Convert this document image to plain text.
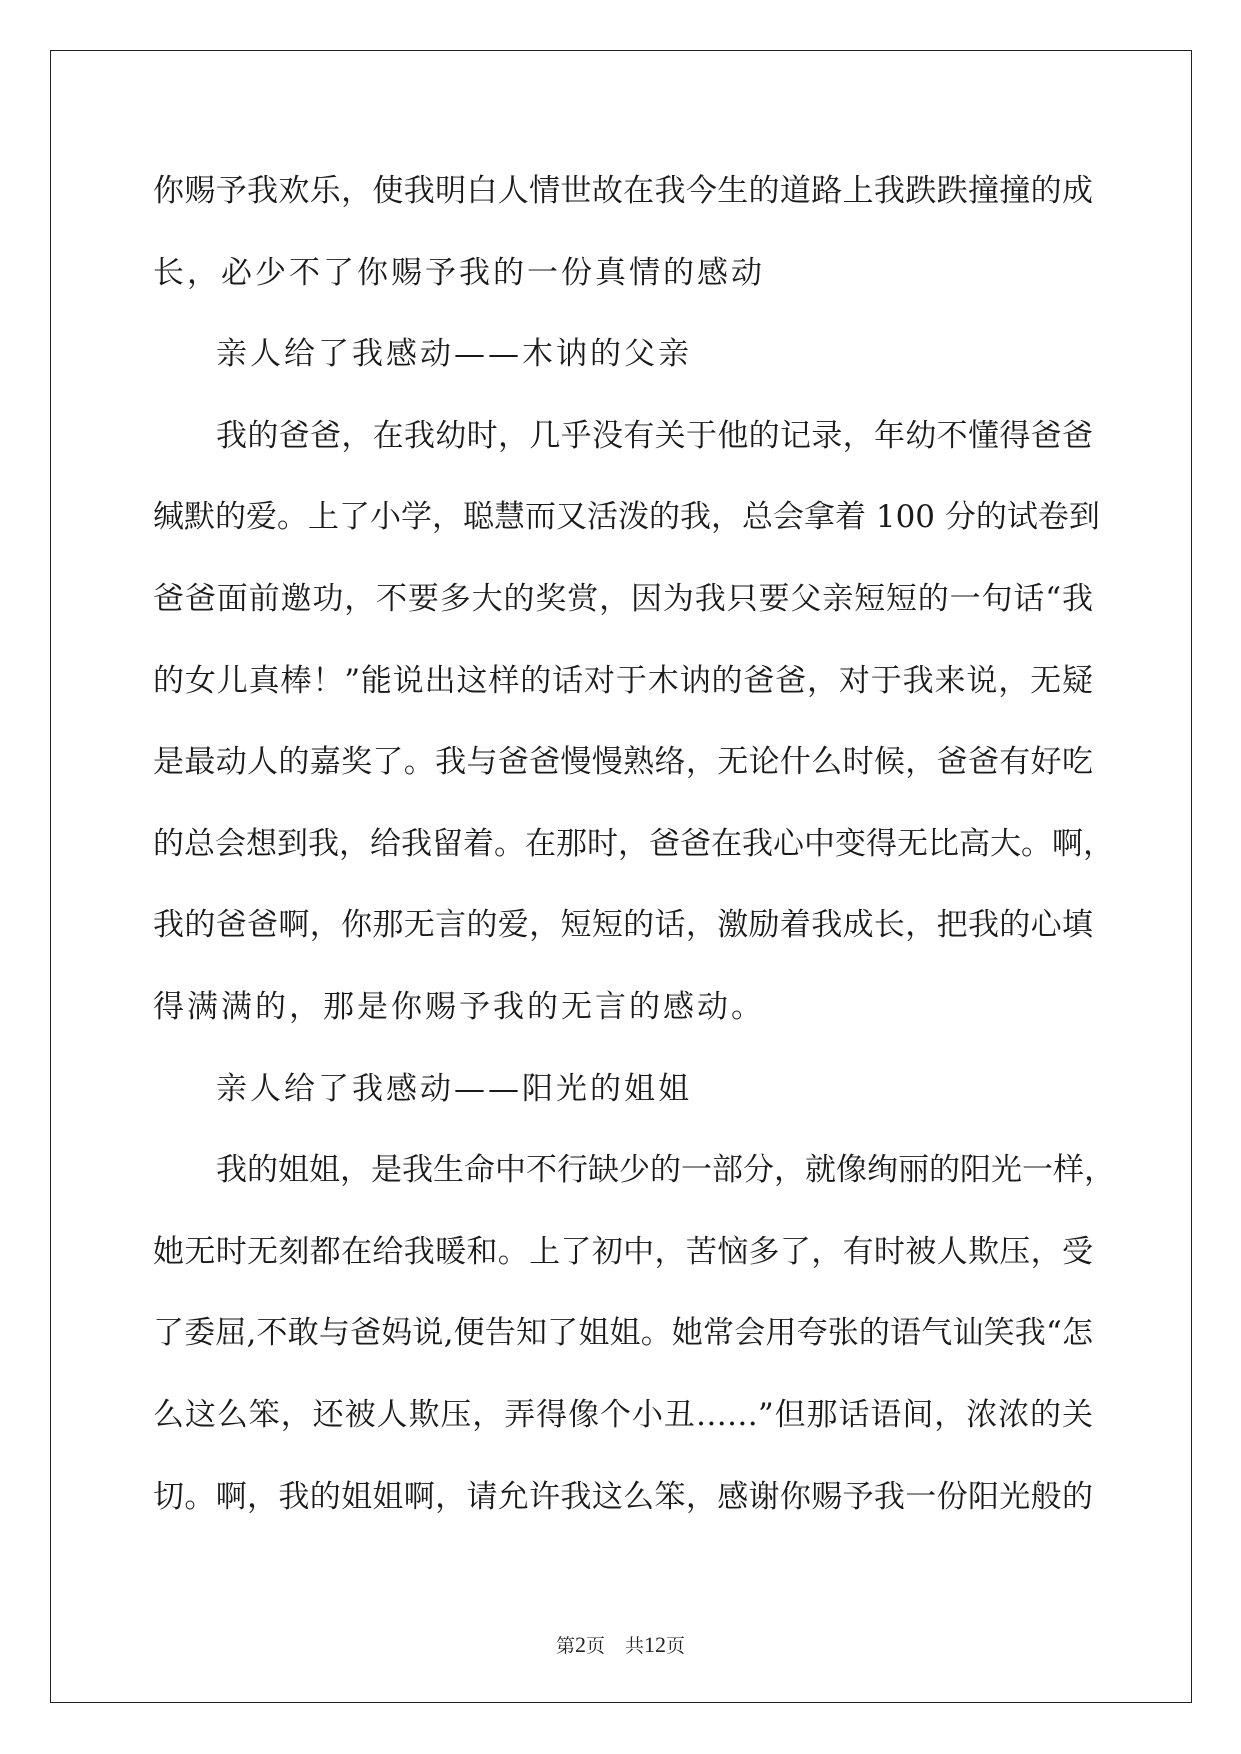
你赐予我欢乐，使我明白人情世故在我今生的道路上我跌跌撞撞的成
长，必少不了你赐予我的一份真情的感动
亲人给了我感动——木讷的父亲
我的爸爸，在我幼时，几乎没有关于他的记录，年幼不懂得爸爸
缄默的爱。上了小学，聪慧而又活泼的我，总会拿着 100 分的试卷到
爸爸面前邀功，不要多大的奖赏，因为我只要父亲短短的一句话“我
的女儿真棒！”能说出这样的话对于木讷的爸爸，对于我来说，无疑
是最动人的嘉奖了。我与爸爸慢慢熟络，无论什么时候，爸爸有好吃
的总会想到我，给我留着。在那时，爸爸在我心中变得无比高大。啊，
我的爸爸啊，你那无言的爱，短短的话，激励着我成长，把我的心填
得满满的，那是你赐予我的无言的感动。
亲人给了我感动——阳光的姐姐
我的姐姐，是我生命中不行缺少的一部分，就像绚丽的阳光一样，
她无时无刻都在给我暖和。上了初中，苦恼多了，有时被人欺压，受
了委屈,不敢与爸妈说,便告知了姐姐。她常会用夸张的语气讪笑我“怎
么这么笨，还被人欺压，弄得像个小丑……”但那话语间，浓浓的关
切。啊，我的姐姐啊，请允许我这么笨，感谢你赐予我一份阳光般的
第2页 共12页
